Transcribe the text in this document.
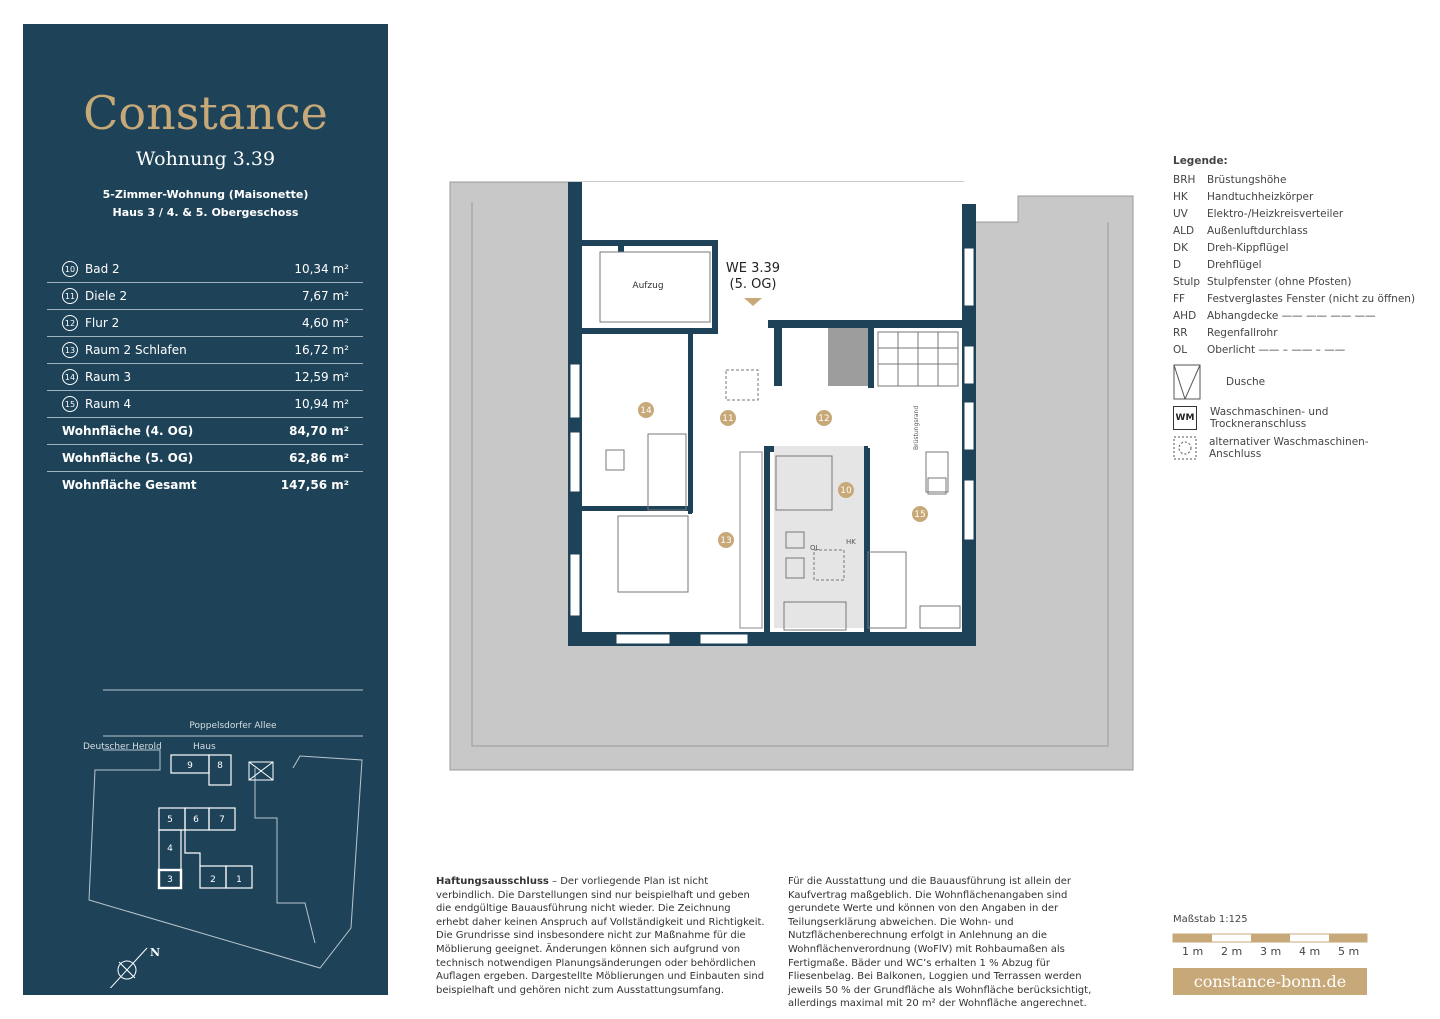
Constance
Wohnung 3.39
5-Zimmer-Wohnung (Maisonette)
Haus 3 / 4. & 5. Obergeschoss
10 Bad 2	10,34 m²
11 Diele 2	7,67 m²
12 Flur 2	4,60 m²
13 Raum 2 Schlafen	16,72 m²
14 Raum 3	12,59 m²
15 Raum 4	10,94 m²
Wohnfläche (4. OG)	84,70 m²
Wohnfläche (5. OG)	62,86 m²
Wohnfläche Gesamt	147,56 m²
Poppelsdorfer Allee
Deutscher Herold	Haus
9	8
5 6 7
4
3	2 1
N
Aufzug
WE 3.39
(5. OG)
13
14
11	12
10
15
HK
OL
Brüstungsrand
Legende:
BRH	Brüstungshöhe
HK	Handtuchheizkörper
UV	Elektro-/Heizkreisverteiler
ALD	Außenluftdurchlass
DK	Dreh-Kippflügel
D	Drehflügel
Stulp Stulpfenster (ohne Pfosten)
FF	Festverglastes Fenster (nicht zu öffnen)
AHD	Abhangdecke —— —— —— ——
RR	Regenfallrohr
OL	Oberlicht —— – —— – ——
Dusche
WM Waschmaschinen- und
Trockneranschluss
alternativer Waschmaschinen-
Anschluss
Haftungsausschluss – Der vorliegende Plan ist nicht verbindlich. Die Darstellungen sind nur beispielhaft und geben die endgültige Bauausführung nicht wieder. Die Zeichnung erhebt daher keinen Anspruch auf Vollständigkeit und Richtigkeit. Die Grundrisse sind insbesondere nicht zur Maßnahme für die Möblierung geeignet. Änderungen können sich aufgrund von technisch notwendigen Planungsänderungen oder behördlichen Auflagen ergeben. Dargestellte Möblierungen und Einbauten sind beispielhaft und gehören nicht zum Ausstattungsumfang.
Für die Ausstattung und die Bauausführung ist allein der Kaufvertrag maßgeblich. Die Wohnflächenangaben sind gerundete Werte und können von den Angaben in der Teilungserklärung abweichen. Die Wohn- und Nutzflächenberechnung erfolgt in Anlehnung an die Wohnflächenverordnung (WoFlV) mit Rohbaumaßen als Fertigmaße. Bäder und WC’s erhalten 1 % Abzug für Fliesenbelag. Bei Balkonen, Loggien und Terrassen werden jeweils 50 % der Grundfläche als Wohnfläche berücksichtigt, allerdings maximal mit 20 m² der Wohnfläche angerechnet.
Maßstab 1:125
1 m 2 m 3 m 4 m 5 m
constance-bonn.de
